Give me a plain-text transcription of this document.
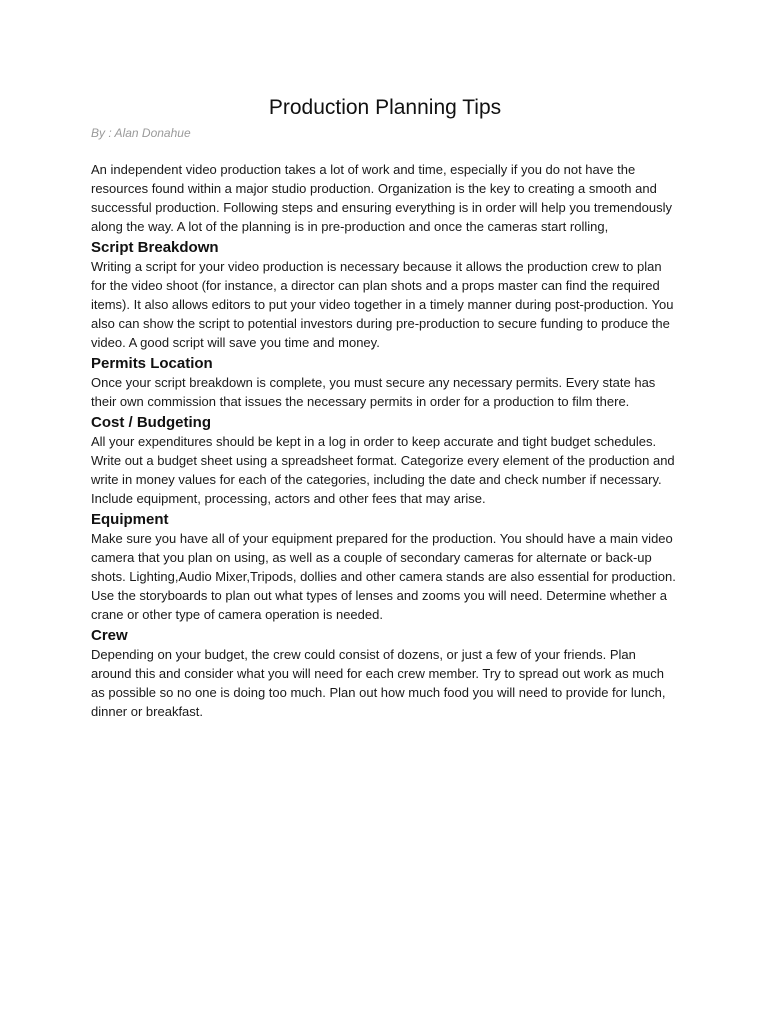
Production Planning Tips

By : Alan Donahue

An independent video production takes a lot of work and time, especially if you do not have the resources found within a major studio production. Organization is the key to creating a smooth and successful production. Following steps and ensuring everything is in order will help you tremendously along the way. A lot of the planning is in pre-production and once the cameras start rolling,

Script Breakdown

Writing a script for your video production is necessary because it allows the production crew to plan for the video shoot (for instance, a director can plan shots and a props master can find the required items). It also allows editors to put your video together in a timely manner during post-production. You also can show the script to potential investors during pre-production to secure funding to produce the video. A good script will save you time and money.

Permits Location

Once your script breakdown is complete, you must secure any necessary permits. Every state has their own commission that issues the necessary permits in order for a production to film there.

Cost / Budgeting

All your expenditures should be kept in a log in order to keep accurate and tight budget schedules. Write out a budget sheet using a spreadsheet format. Categorize every element of the production and write in money values for each of the categories, including the date and check number if necessary. Include equipment, processing, actors and other fees that may arise.

Equipment

Make sure you have all of your equipment prepared for the production. You should have a main video camera that you plan on using, as well as a couple of secondary cameras for alternate or back-up shots. Lighting,Audio Mixer,Tripods, dollies and other camera stands are also essential for production. Use the storyboards to plan out what types of lenses and zooms you will need. Determine whether a crane or other type of camera operation is needed.

Crew

Depending on your budget, the crew could consist of dozens, or just a few of your friends. Plan around this and consider what you will need for each crew member. Try to spread out work as much as possible so no one is doing too much. Plan out how much food you will need to provide for lunch, dinner or breakfast.
